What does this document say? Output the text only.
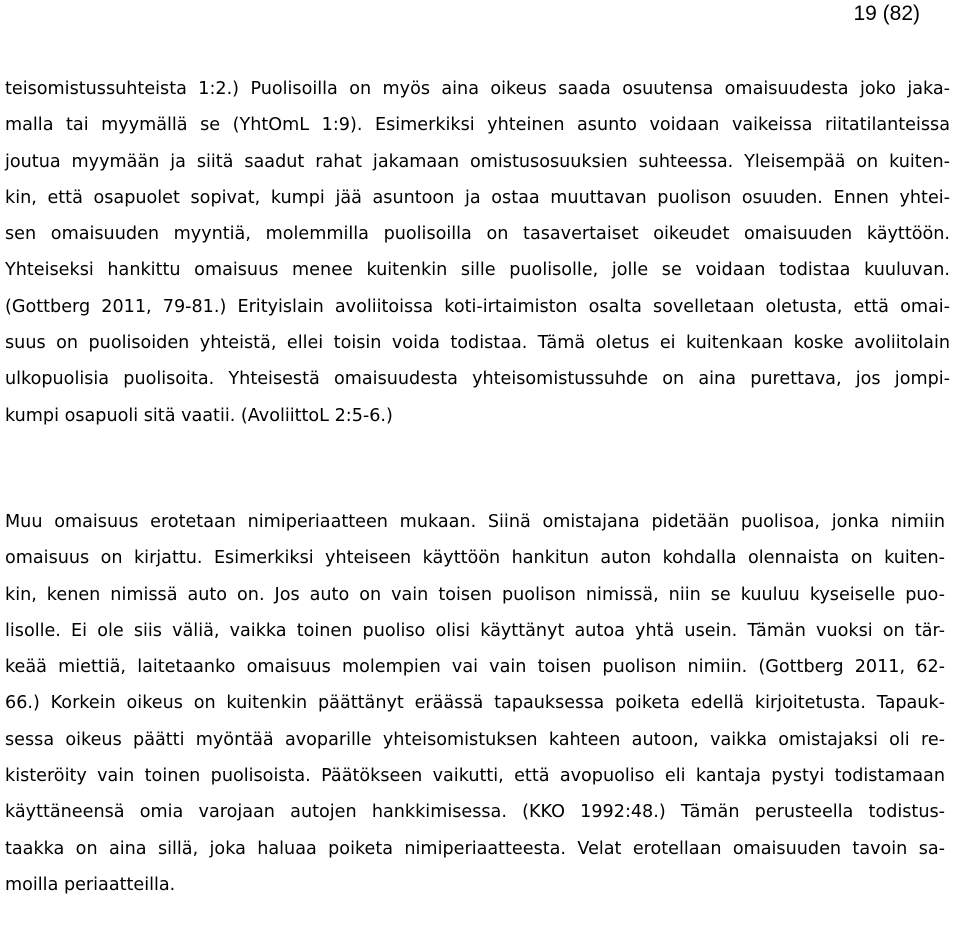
19 (82)
teisomistussuhteista 1:2.) Puolisoilla on myös aina oikeus saada osuutensa omaisuudesta joko jaka-
malla tai myymällä se (YhtOmL 1:9). Esimerkiksi yhteinen asunto voidaan vaikeissa riitatilanteissa
joutua myymään ja siitä saadut rahat jakamaan omistusosuuksien suhteessa. Yleisempää on kuiten-
kin, että osapuolet sopivat, kumpi jää asuntoon ja ostaa muuttavan puolison osuuden. Ennen yhtei-
sen omaisuuden myyntiä, molemmilla puolisoilla on tasavertaiset oikeudet omaisuuden käyttöön.
Yhteiseksi hankittu omaisuus menee kuitenkin sille puolisolle, jolle se voidaan todistaa kuuluvan.
(Gottberg 2011, 79-81.) Erityislain avoliitoissa koti-irtaimiston osalta sovelletaan oletusta, että omai-
suus on puolisoiden yhteistä, ellei toisin voida todistaa. Tämä oletus ei kuitenkaan koske avoliitolain
ulkopuolisia puolisoita. Yhteisestä omaisuudesta yhteisomistussuhde on aina purettava, jos jompi-
kumpi osapuoli sitä vaatii. (AvoliittoL 2:5-6.)
Muu omaisuus erotetaan nimiperiaatteen mukaan. Siinä omistajana pidetään puolisoa, jonka nimiin
omaisuus on kirjattu. Esimerkiksi yhteiseen käyttöön hankitun auton kohdalla olennaista on kuiten-
kin, kenen nimissä auto on. Jos auto on vain toisen puolison nimissä, niin se kuuluu kyseiselle puo-
lisolle. Ei ole siis väliä, vaikka toinen puoliso olisi käyttänyt autoa yhtä usein. Tämän vuoksi on tär-
keää miettiä, laitetaanko omaisuus molempien vai vain toisen puolison nimiin. (Gottberg 2011, 62-
66.) Korkein oikeus on kuitenkin päättänyt eräässä tapauksessa poiketa edellä kirjoitetusta. Tapauk-
sessa oikeus päätti myöntää avoparille yhteisomistuksen kahteen autoon, vaikka omistajaksi oli re-
kisteröity vain toinen puolisoista. Päätökseen vaikutti, että avopuoliso eli kantaja pystyi todistamaan
käyttäneensä omia varojaan autojen hankkimisessa. (KKO 1992:48.) Tämän perusteella todistus-
taakka on aina sillä, joka haluaa poiketa nimiperiaatteesta. Velat erotellaan omaisuuden tavoin sa-
moilla periaatteilla.
